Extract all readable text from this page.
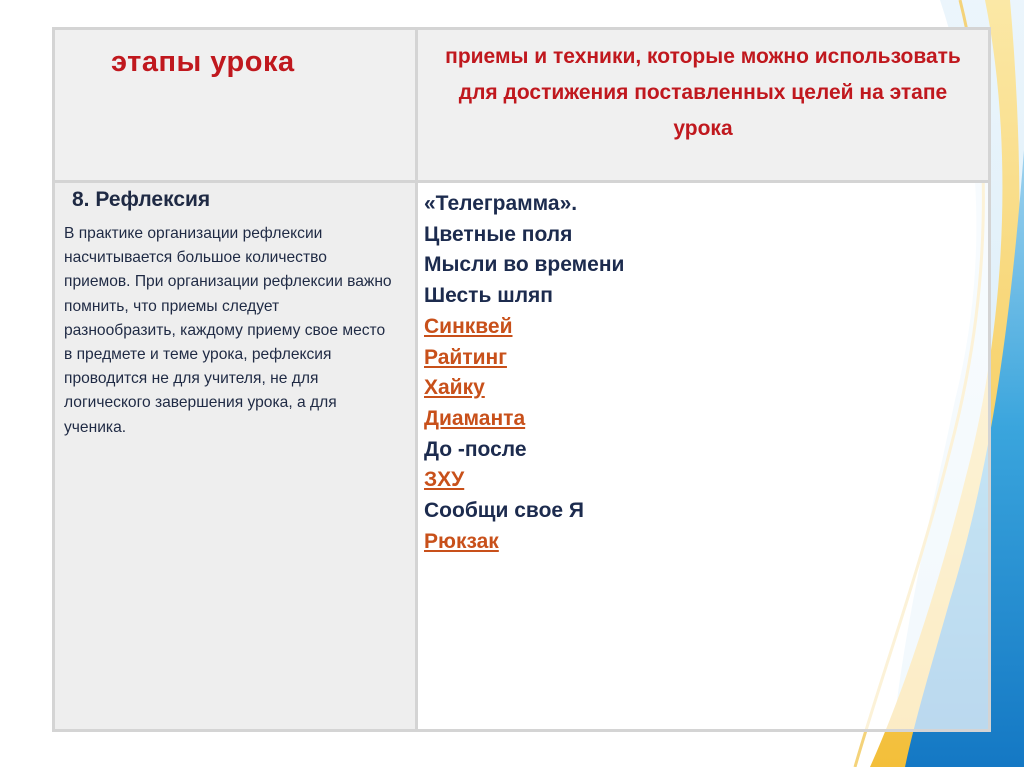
этапы урока	приемы и техники, которые можно использовать для достижения поставленных целей на этапе урока
8. Рефлексия

В практике организации рефлексии насчитывается большое количество приемов. При организации рефлексии важно помнить, что приемы следует разнообразить, каждому приему свое место в предмете и теме урока, рефлексия проводится не для учителя, не для логического завершения урока, а для ученика.

«Телеграмма».
Цветные поля
Мысли во времени
Шесть шляп
Синквей
Райтинг
Хайку
Диаманта
До -после
ЗХУ
Сообщи свое Я
Рюкзак
